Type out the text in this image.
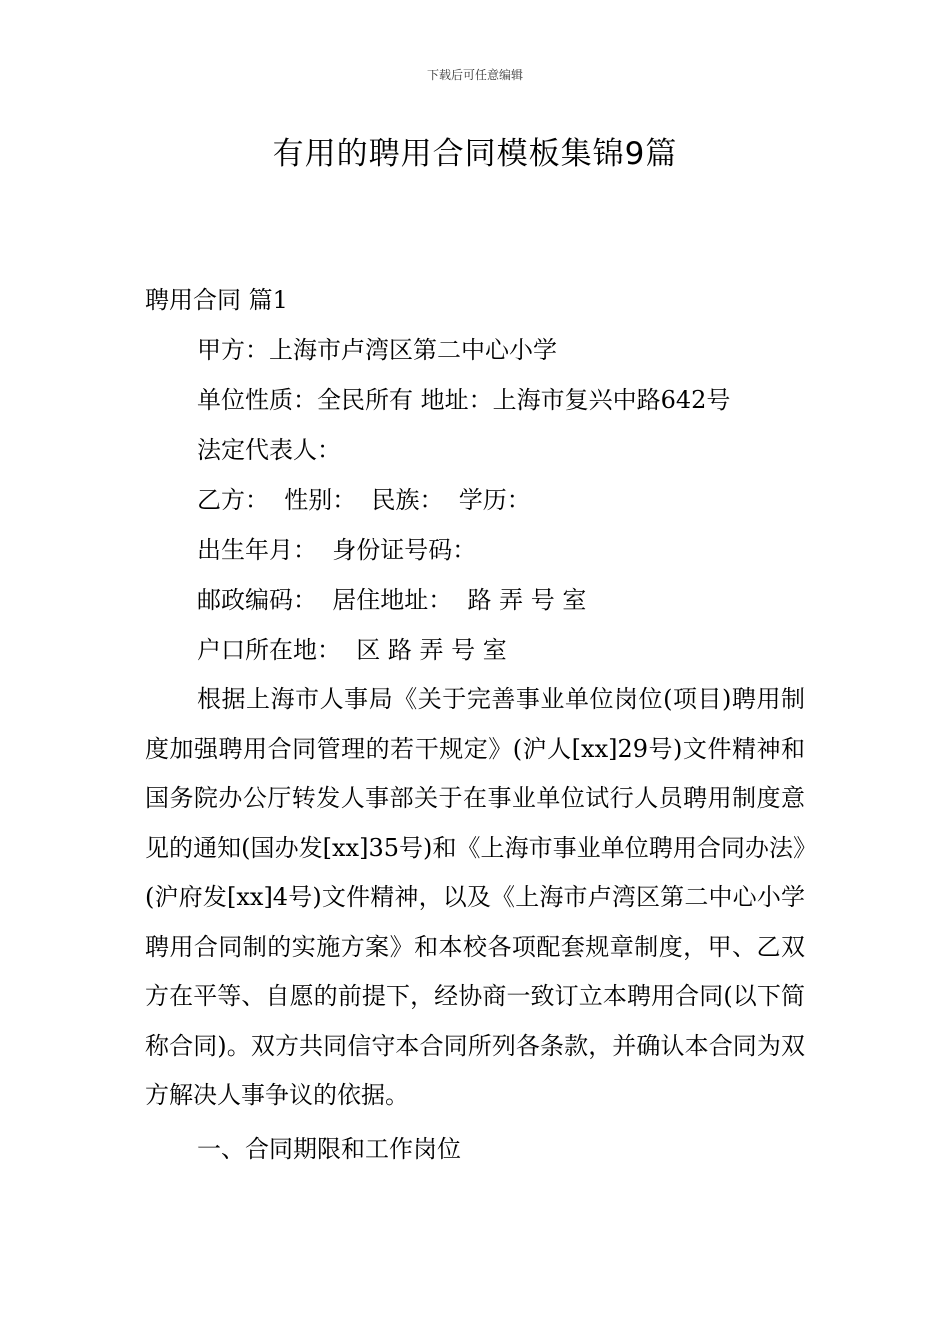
下载后可任意编辑
有用的聘用合同模板集锦9篇
聘用合同 篇1
甲方：上海市卢湾区第二中心小学
单位性质：全民所有 地址：上海市复兴中路642号
法定代表人：
乙方：  性别：  民族：  学历：
出生年月：  身份证号码：
邮政编码：  居住地址：  路 弄 号 室
户口所在地：  区 路 弄 号 室
根据上海市人事局《关于完善事业单位岗位(项目)聘用制度加强聘用合同管理的若干规定》(沪人[xx]29号)文件精神和国务院办公厅转发人事部关于在事业单位试行人员聘用制度意见的通知(国办发[xx]35号)和《上海市事业单位聘用合同办法》(沪府发[xx]4号)文件精神，以及《上海市卢湾区第二中心小学聘用合同制的实施方案》和本校各项配套规章制度，甲、乙双方在平等、自愿的前提下，经协商一致订立本聘用合同(以下简称合同)。双方共同信守本合同所列各条款，并确认本合同为双方解决人事争议的依据。
一、合同期限和工作岗位
